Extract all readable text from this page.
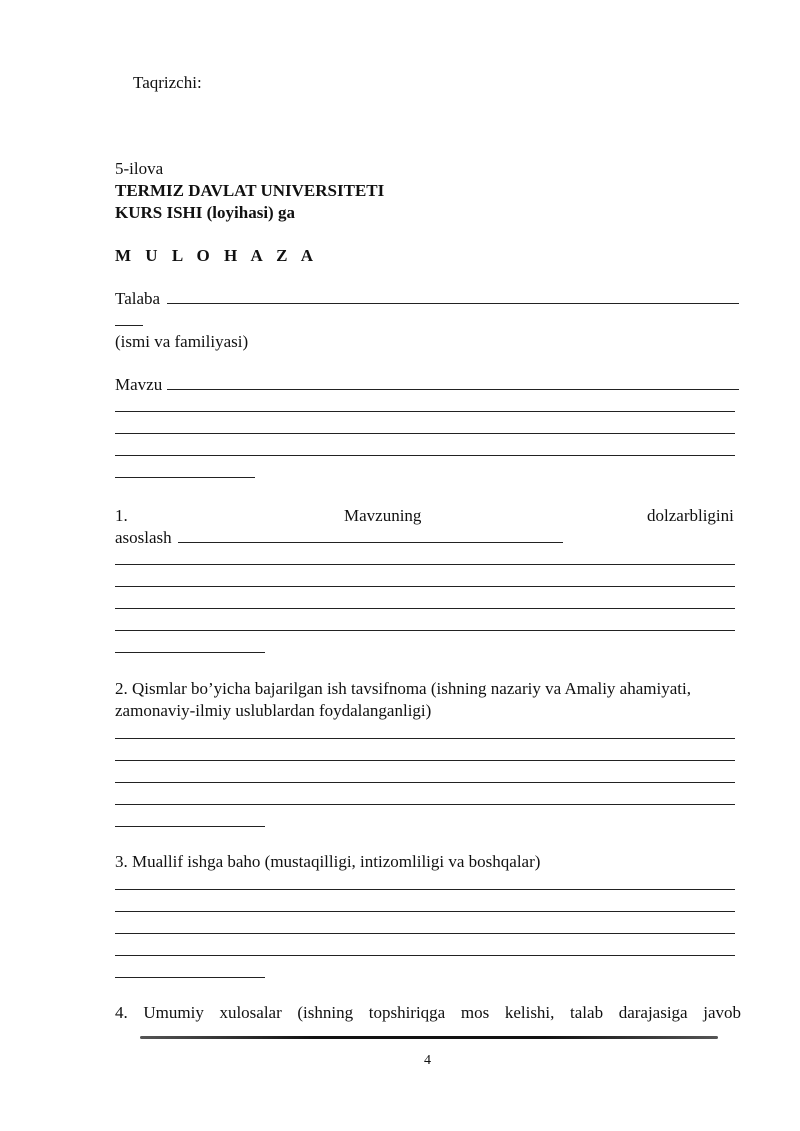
Taqrizchi:
5-ilova
TERMIZ DAVLAT UNIVERSITETI
KURS ISHI (loyihasi) ga
M U L O H A Z A
Talaba
(ismi va familiyasi)
Mavzu
1.	Mavzuning	dolzarbligini
asoslash
2. Qismlar bo’yicha bajarilgan ish tavsifnoma (ishning nazariy va Amaliy ahamiyati,
zamonaviy-ilmiy uslublardan foydalanganligi)
3. Muallif ishga baho (mustaqilligi, intizomliligi va boshqalar)
4. Umumiy xulosalar (ishning topshiriqga mos kelishi, talab darajasiga javob
4
